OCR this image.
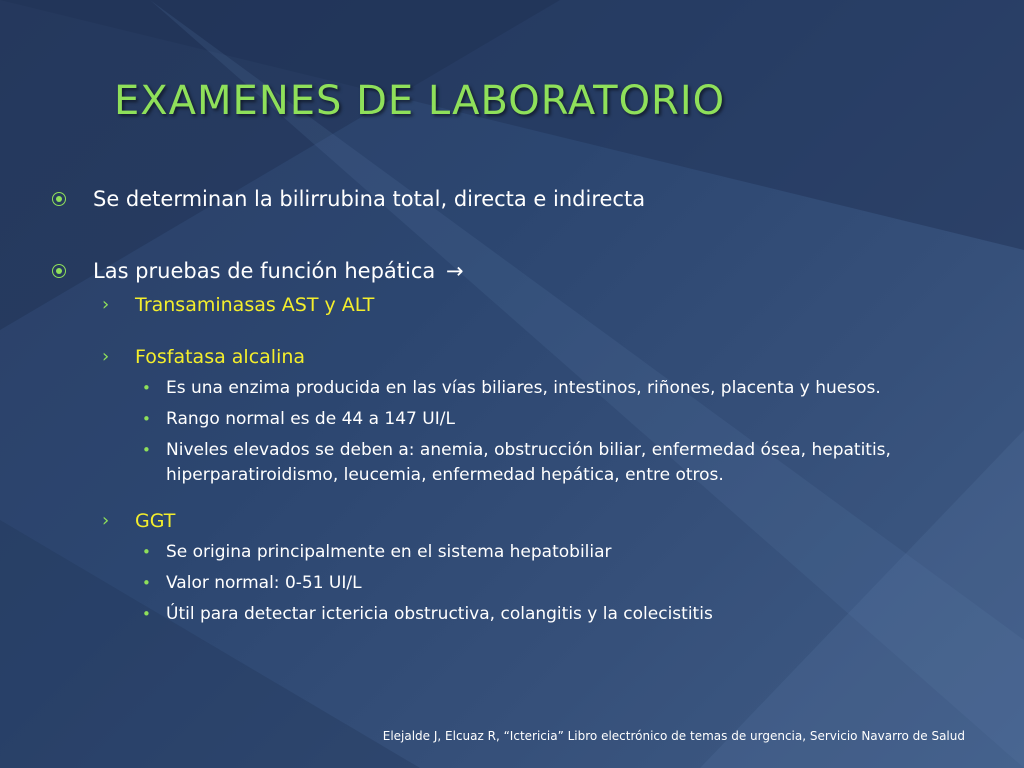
EXAMENES DE LABORATORIO
Se determinan la bilirrubina total, directa e indirecta
Las pruebas de función hepática →
› Transaminasas AST y ALT
› Fosfatasa alcalina
• Es una enzima producida en las vías biliares, intestinos, riñones, placenta y huesos.
• Rango normal es de 44 a 147 UI/L
• Niveles elevados se deben a: anemia, obstrucción biliar, enfermedad ósea, hepatitis, hiperparatiroidismo, leucemia, enfermedad hepática, entre otros.
› GGT
• Se origina principalmente en el sistema hepatobiliar
• Valor normal: 0-51 UI/L
• Útil para detectar ictericia obstructiva, colangitis y la colecistitis
Elejalde J, Elcuaz R, “Ictericia” Libro electrónico de temas de urgencia, Servicio Navarro de Salud
